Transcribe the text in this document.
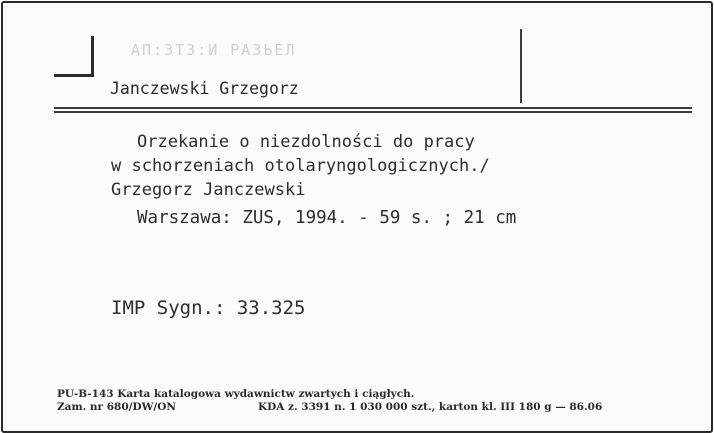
АП:ЗТЗ:И РАЗЬЕЛ
Janczewski Grzegorz
Orzekanie o niezdolności do pracy
w schorzeniach otolaryngologicznych./
Grzegorz Janczewski
Warszawa: ZUS, 1994. - 59 s. ; 21 cm
IMP Sygn.: 33.325
PU-B-143 Karta katalogowa wydawnictw zwartych i ciągłych.
Zam. nr 680/DW/ON	KDA z. 3391 n. 1 030 000 szt., karton kl. III 180 g — 86.06
